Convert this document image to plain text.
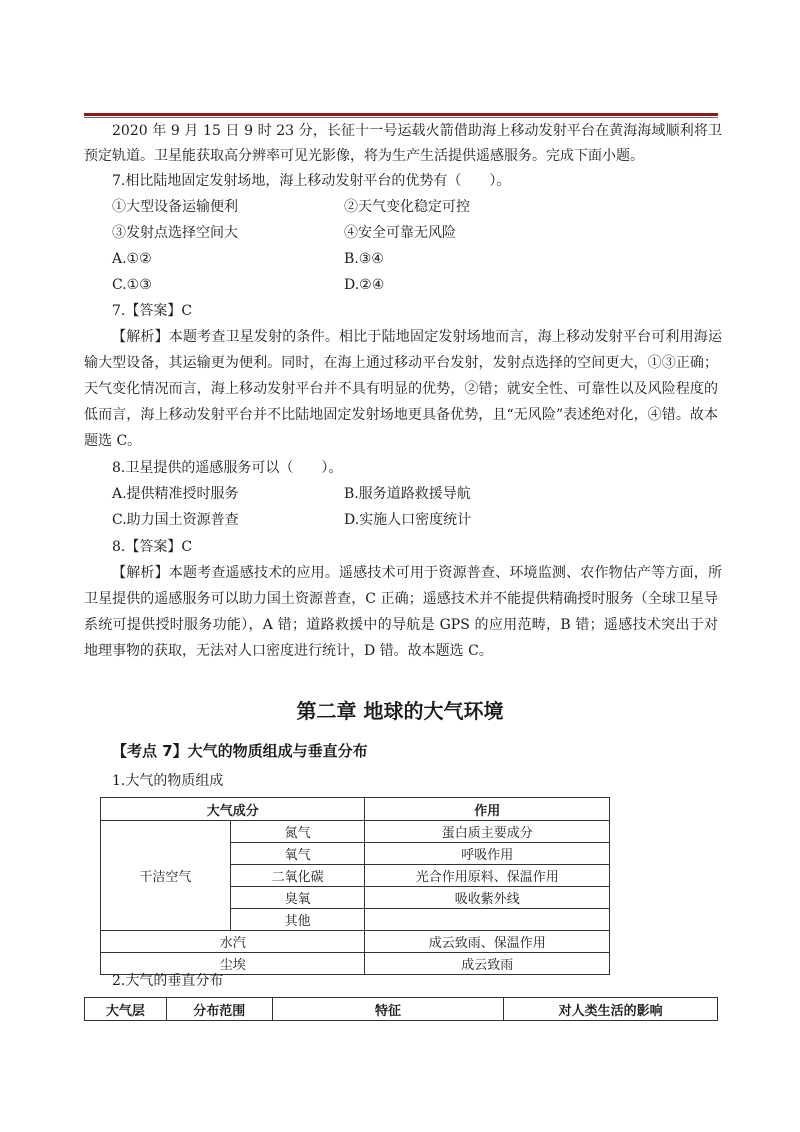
2020 年 9 月 15 日 9 时 23 分，长征十一号运载火箭借助海上移动发射平台在黄海海域顺利将卫
预定轨道。卫星能获取高分辨率可见光影像，将为生产生活提供遥感服务。完成下面小题。
7.相比陆地固定发射场地，海上移动发射平台的优势有（　　）。
①大型设备运输便利	②天气变化稳定可控
③发射点选择空间大	④安全可靠无风险
A.①②	B.③④
C.①③	D.②④
7.【答案】C
【解析】本题考查卫星发射的条件。相比于陆地固定发射场地而言，海上移动发射平台可利用海运
输大型设备，其运输更为便利。同时，在海上通过移动平台发射，发射点选择的空间更大，①③正确；
天气变化情况而言，海上移动发射平台并不具有明显的优势，②错；就安全性、可靠性以及风险程度的
低而言，海上移动发射平台并不比陆地固定发射场地更具备优势，且“无风险”表述绝对化，④错。故本
题选 C。
8.卫星提供的遥感服务可以（　　）。
A.提供精准授时服务	B.服务道路救援导航
C.助力国土资源普查	D.实施人口密度统计
8.【答案】C
【解析】本题考查遥感技术的应用。遥感技术可用于资源普查、环境监测、农作物估产等方面，所
卫星提供的遥感服务可以助力国土资源普查，C 正确；遥感技术并不能提供精确授时服务（全球卫星导
系统可提供授时服务功能），A 错；道路救援中的导航是 GPS 的应用范畴，B 错；遥感技术突出于对
地理事物的获取，无法对人口密度进行统计，D 错。故本题选 C。
第二章 地球的大气环境
【考点 7】大气的物质组成与垂直分布
1.大气的物质组成
大气成分		作用
干洁空气	氮气	蛋白质主要成分
	氧气	呼吸作用
	二氧化碳	光合作用原料、保温作用
	臭氧	吸收紫外线
	其他	
水汽		成云致雨、保温作用
尘埃		成云致雨
2.大气的垂直分布
大气层	分布范围	特征	对人类生活的影响
